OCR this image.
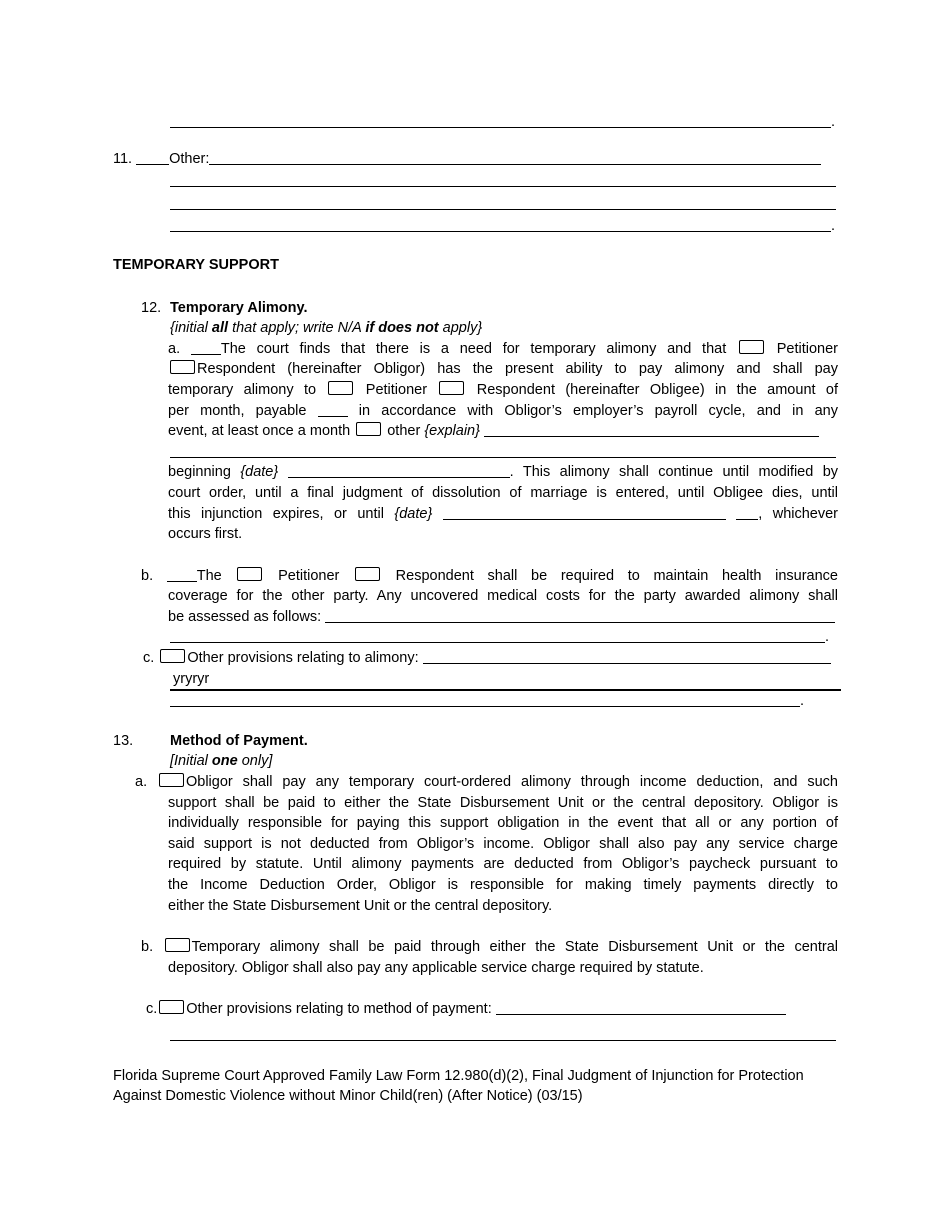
.
11. Other:
.
TEMPORARY SUPPORT
12. Temporary Alimony.
{initial all that apply; write N/A if does not apply}
a. The court finds that there is a need for temporary alimony and that  Petitioner
Respondent (hereinafter Obligor) has the present ability to pay alimony and shall pay
temporary alimony to  Petitioner  Respondent (hereinafter Obligee) in the amount of
per month, payable  in accordance with Obligor’s employer’s payroll cycle, and in any
event, at least once a month  other {explain}
beginning {date}	. This alimony shall continue until modified by
court order, until a final judgment of dissolution of marriage is entered, until Obligee dies, until
this injunction expires, or until {date}	, whichever
occurs first.
b. The  Petitioner  Respondent shall be required to maintain health insurance
coverage for the other party. Any uncovered medical costs for the party awarded alimony shall
be assessed as follows:
.
c. Other provisions relating to alimony:
yryryr
.
13.	Method of Payment.
[Initial one only]
a. Obligor shall pay any temporary court-ordered alimony through income deduction, and such
support shall be paid to either the State Disbursement Unit or the central depository. Obligor is
individually responsible for paying this support obligation in the event that all or any portion of
said support is not deducted from Obligor’s income. Obligor shall also pay any service charge
required by statute. Until alimony payments are deducted from Obligor’s paycheck pursuant to
the Income Deduction Order, Obligor is responsible for making timely payments directly to
either the State Disbursement Unit or the central depository.
b. Temporary alimony shall be paid through either the State Disbursement Unit or the central
depository. Obligor shall also pay any applicable service charge required by statute.
c. Other provisions relating to method of payment:
Florida Supreme Court Approved Family Law Form 12.980(d)(2), Final Judgment of Injunction for Protection
Against Domestic Violence without Minor Child(ren) (After Notice) (03/15)
